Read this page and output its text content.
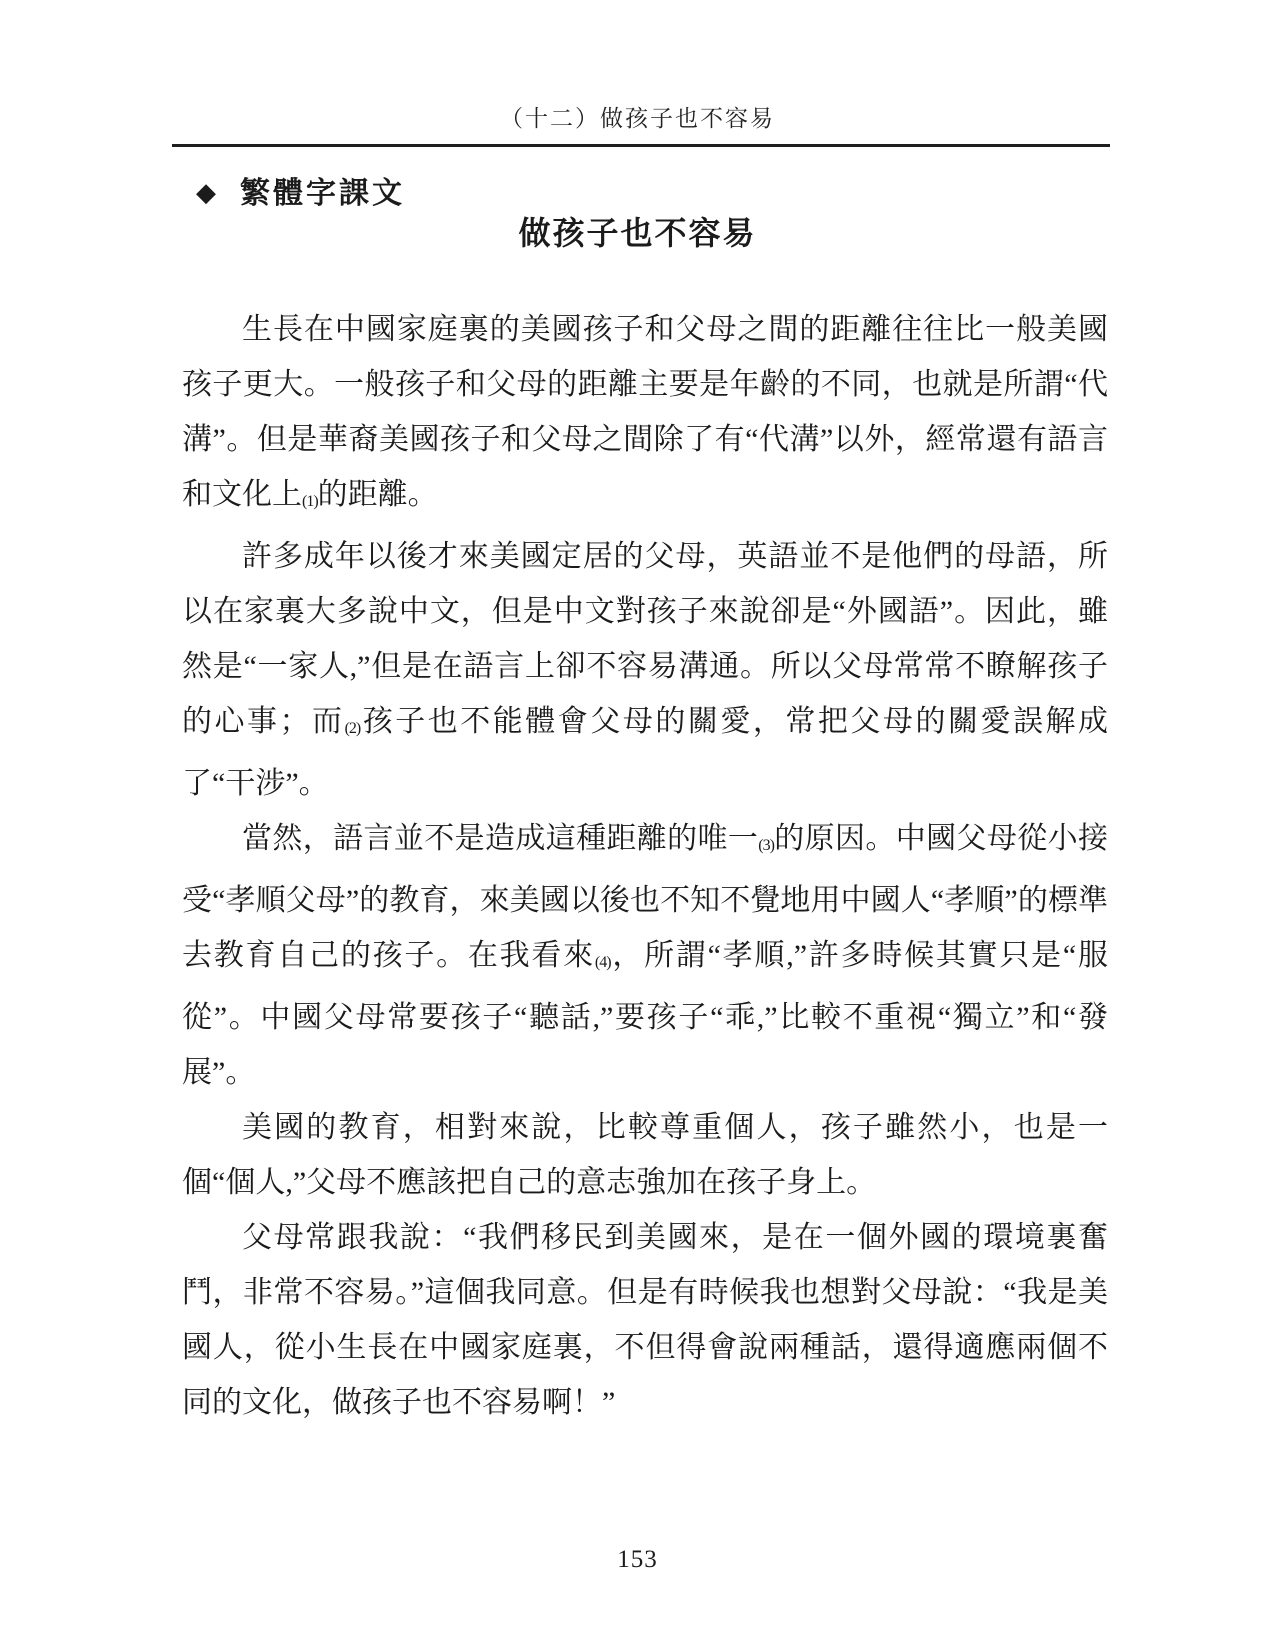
（十二）做孩子也不容易
◆ 繁體字課文
做孩子也不容易

生長在中國家庭裏的美國孩子和父母之間的距離往往比一般美國孩子更大。一般孩子和父母的距離主要是年齡的不同，也就是所謂“代溝”。但是華裔美國孩子和父母之間除了有“代溝”以外，經常還有語言和文化上(1)的距離。

許多成年以後才來美國定居的父母，英語並不是他們的母語，所以在家裏大多說中文，但是中文對孩子來說卻是“外國語”。因此，雖然是“一家人,”但是在語言上卻不容易溝通。所以父母常常不瞭解孩子的心事；而(2)孩子也不能體會父母的關愛，常把父母的關愛誤解成了“干涉”。

當然，語言並不是造成這種距離的唯一(3)的原因。中國父母從小接受“孝順父母”的教育，來美國以後也不知不覺地用中國人“孝順”的標準去教育自己的孩子。在我看來(4)，所謂“孝順,”許多時候其實只是“服從”。中國父母常要孩子“聽話,”要孩子“乖,”比較不重視“獨立”和“發展”。

美國的教育，相對來說，比較尊重個人，孩子雖然小，也是一個“個人,”父母不應該把自己的意志強加在孩子身上。

父母常跟我說：“我們移民到美國來，是在一個外國的環境裏奮鬥，非常不容易。”這個我同意。但是有時候我也想對父母說：“我是美國人，從小生長在中國家庭裏，不但得會說兩種話，還得適應兩個不同的文化，做孩子也不容易啊！”

153
